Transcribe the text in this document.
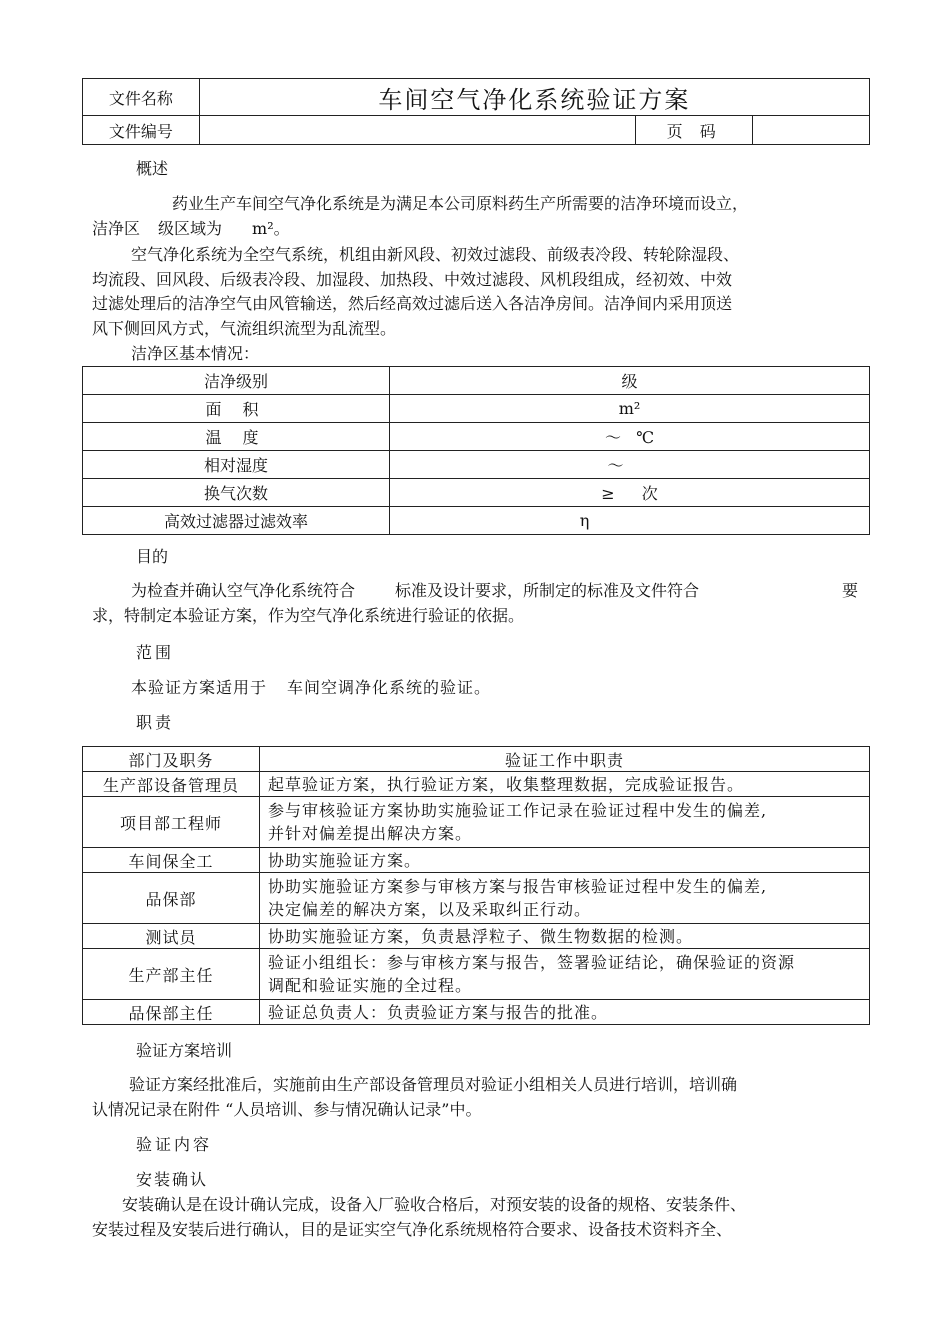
文件名称	车间空气净化系统验证方案		
文件编号		页 码	
概述
药业生产车间空气净化系统是为满足本公司原料药生产所需要的洁净环境而设立，
洁净区 级区域为 m²。
空气净化系统为全空气系统，机组由新风段、初效过滤段、前级表冷段、转轮除湿段、
均流段、回风段、后级表冷段、加湿段、加热段、中效过滤段、风机段组成，经初效、中效
过滤处理后的洁净空气由风管输送，然后经高效过滤后送入各洁净房间。洁净间内采用顶送
风下侧回风方式，气流组织流型为乱流型。
洁净区基本情况：
洁净级别	级
面 积	m²
温 度	～ ℃
相对湿度	～
换气次数	≥ 次
高效过滤器过滤效率	η
目的
为检查并确认空气净化系统符合	标准及设计要求，所制定的标准及文件符合	要
求，特制定本验证方案，作为空气净化系统进行验证的依据。
范围
本验证方案适用于 车间空调净化系统的验证。
职责
部门及职务	验证工作中职责
生产部设备管理员	起草验证方案，执行验证方案，收集整理数据，完成验证报告。
项目部工程师	参与审核验证方案协助实施验证工作记录在验证过程中发生的偏差,
并针对偏差提出解决方案。

车间保全工	协助实施验证方案。
品保部	协助实施验证方案参与审核方案与报告审核验证过程中发生的偏差,
决定偏差的解决方案，以及采取纠正行动。

测试员	协助实施验证方案，负责悬浮粒子、微生物数据的检测。
生产部主任	验证小组组长：参与审核方案与报告，签署验证结论，确保验证的资源
调配和验证实施的全过程。

品保部主任	验证总负责人：负责验证方案与报告的批准。
验证方案培训
验证方案经批准后，实施前由生产部设备管理员对验证小组相关人员进行培训，培训确
认情况记录在附件 “人员培训、参与情况确认记录”中。
验证内容
安装确认
安装确认是在设计确认完成，设备入厂验收合格后，对预安装的设备的规格、安装条件、
安装过程及安装后进行确认，目的是证实空气净化系统规格符合要求、设备技术资料齐全、
